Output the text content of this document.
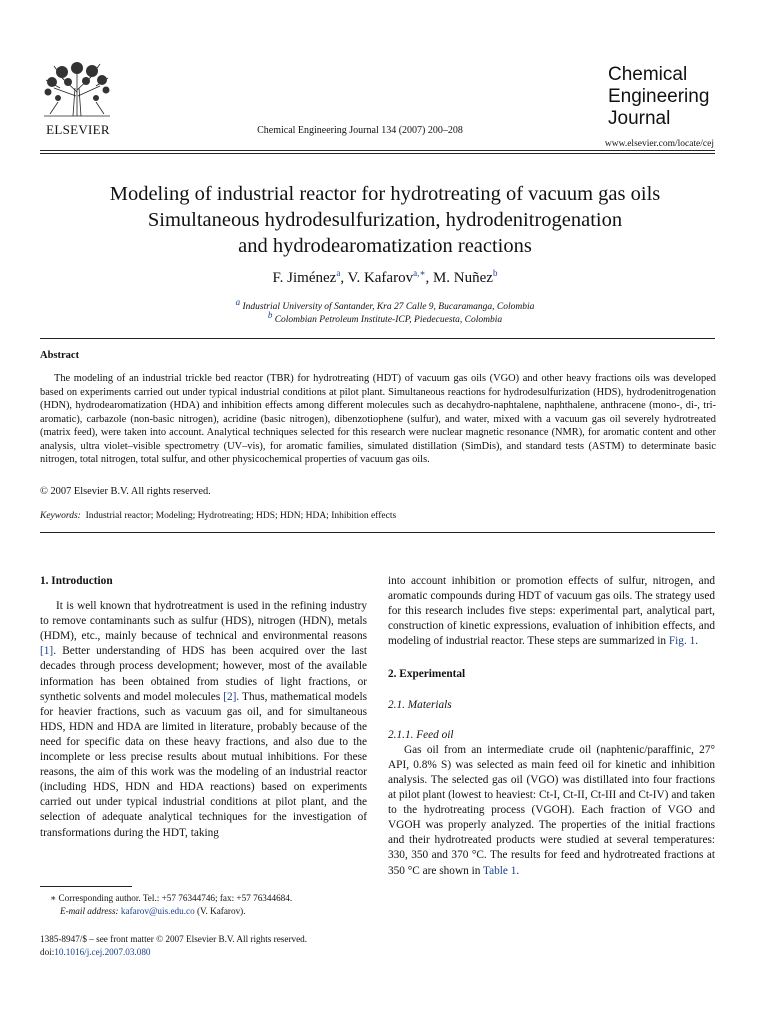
ELSEVIER	Chemical Engineering Journal 134 (2007) 200–208
Chemical
Engineering
Journal
www.elsevier.com/locate/cej
Modeling of industrial reactor for hydrotreating of vacuum gas oils
Simultaneous hydrodesulfurization, hydrodenitrogenation
and hydrodearomatization reactions
F. Jiménez$^a$, V. Kafarov$^{a,∗}$, M. Nuñez$^b$
$^a$ Industrial University of Santander, Kra 27 Calle 9, Bucaramanga, Colombia
$^b$ Colombian Petroleum Institute-ICP, Piedecuesta, Colombia
Abstract
The modeling of an industrial trickle bed reactor (TBR) for hydrotreating (HDT) of vacuum gas oils (VGO) and other heavy fractions oils was developed based on experiments carried out under typical industrial conditions at pilot plant. Simultaneous reactions for hydrodesulfurization (HDS), hydrodenitrogenation (HDN), hydrodearomatization (HDA) and inhibition effects among different molecules such as decahydro-naphtalene, naphthalene, anthracene (mono-, di-, tri-aromatic), carbazole (non-basic nitrogen), acridine (basic nitrogen), dibenzotiophene (sulfur), and water, mixed with a vacuum gas oil severely hydrotreated (matrix feed), were taken into account. Analytical techniques selected for this research were nuclear magnetic resonance (NMR), for aromatic content and other analysis, ultra violet–visible spectrometry (UV–vis), for aromatic families, simulated distillation (SimDis), and standard tests (ASTM) to determinate basic nitrogen, total nitrogen, total sulfur, and other physicochemical properties of vacuum gas oils.
© 2007 Elsevier B.V. All rights reserved.
Keywords: Industrial reactor; Modeling; Hydrotreating; HDS; HDN; HDA; Inhibition effects
1. Introduction
It is well known that hydrotreatment is used in the refining industry to remove contaminants such as sulfur (HDS), nitrogen (HDN), metals (HDM), etc., mainly because of technical and environmental reasons [1]. Better understanding of HDS has been acquired over the last decades through process development; however, most of the available information has been obtained from studies of light fractions, or synthetic solvents and model molecules [2]. Thus, mathematical models for heavier fractions, such as vacuum gas oil, and for simultaneous HDS, HDN and HDA are limited in literature, probably because of the need for specific data on these heavy fractions, and also due to the incomplete or less precise results about mutual inhibitions. For these reasons, the aim of this work was the modeling of an industrial reactor (including HDS, HDN and HDA reactions) based on experiments carried out under typical industrial conditions at pilot plant, and the selection of adequate analytical techniques for the investigation of transformations during the HDT, taking
into account inhibition or promotion effects of sulfur, nitrogen, and aromatic compounds during HDT of vacuum gas oils. The strategy used for this research includes five steps: experimental part, analytical part, construction of kinetic expressions, evaluation of inhibition effects, and modeling of industrial reactor. These steps are summarized in Fig. 1.
2. Experimental
2.1. Materials
2.1.1. Feed oil
Gas oil from an intermediate crude oil (naphtenic/paraffinic, 27° API, 0.8% S) was selected as main feed oil for kinetic and inhibition analysis. The selected gas oil (VGO) was distillated into four fractions at pilot plant (lowest to heaviest: Ct-I, Ct-II, Ct-III and Ct-IV) and taken to the hydrotreating process (VGOH). Each fraction of VGO and VGOH was properly analyzed. The properties of the initial fractions and their hydrotreated products were studied at several temperatures: 330, 350 and 370 °C. The results for feed and hydrotreated fractions at 350 °C are shown in Table 1.
∗ Corresponding author. Tel.: +57 76344746; fax: +57 76344684.
E-mail address: kafarov@uis.edu.co (V. Kafarov).
1385-8947/$ – see front matter © 2007 Elsevier B.V. All rights reserved.
doi:10.1016/j.cej.2007.03.080
